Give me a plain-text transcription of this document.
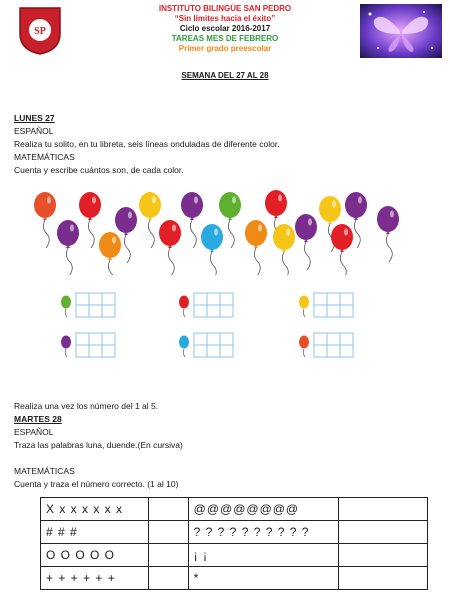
SP
INSTITUTO BILINGÜE SAN PEDRO
“Sin límites hacia el éxito”
Ciclo escolar 2016-2017
TAREAS MES DE FEBRERO
Primer grado preescolar
SEMANA DEL 27 AL 28
LUNES 27
ESPAÑOL
Realiza tu solito, en tu libreta, seis líneas onduladas de diferente color.
MATEMÁTICAS
Cuenta y escribe cuántos son, de cada color.
Realiza una vez los número del 1 al 5.
MARTES 28
ESPAÑOL
Traza las palabras luna, duende.(En cursiva)
MATEMÁTICAS
Cuenta y traza el número correcto. (1 al 10)
X x x x x x x		@@@@@@@@	
# # #		? ? ? ? ? ? ? ? ? ?	
O O O O O		¡ ¡	
+ + + + + +		*	
